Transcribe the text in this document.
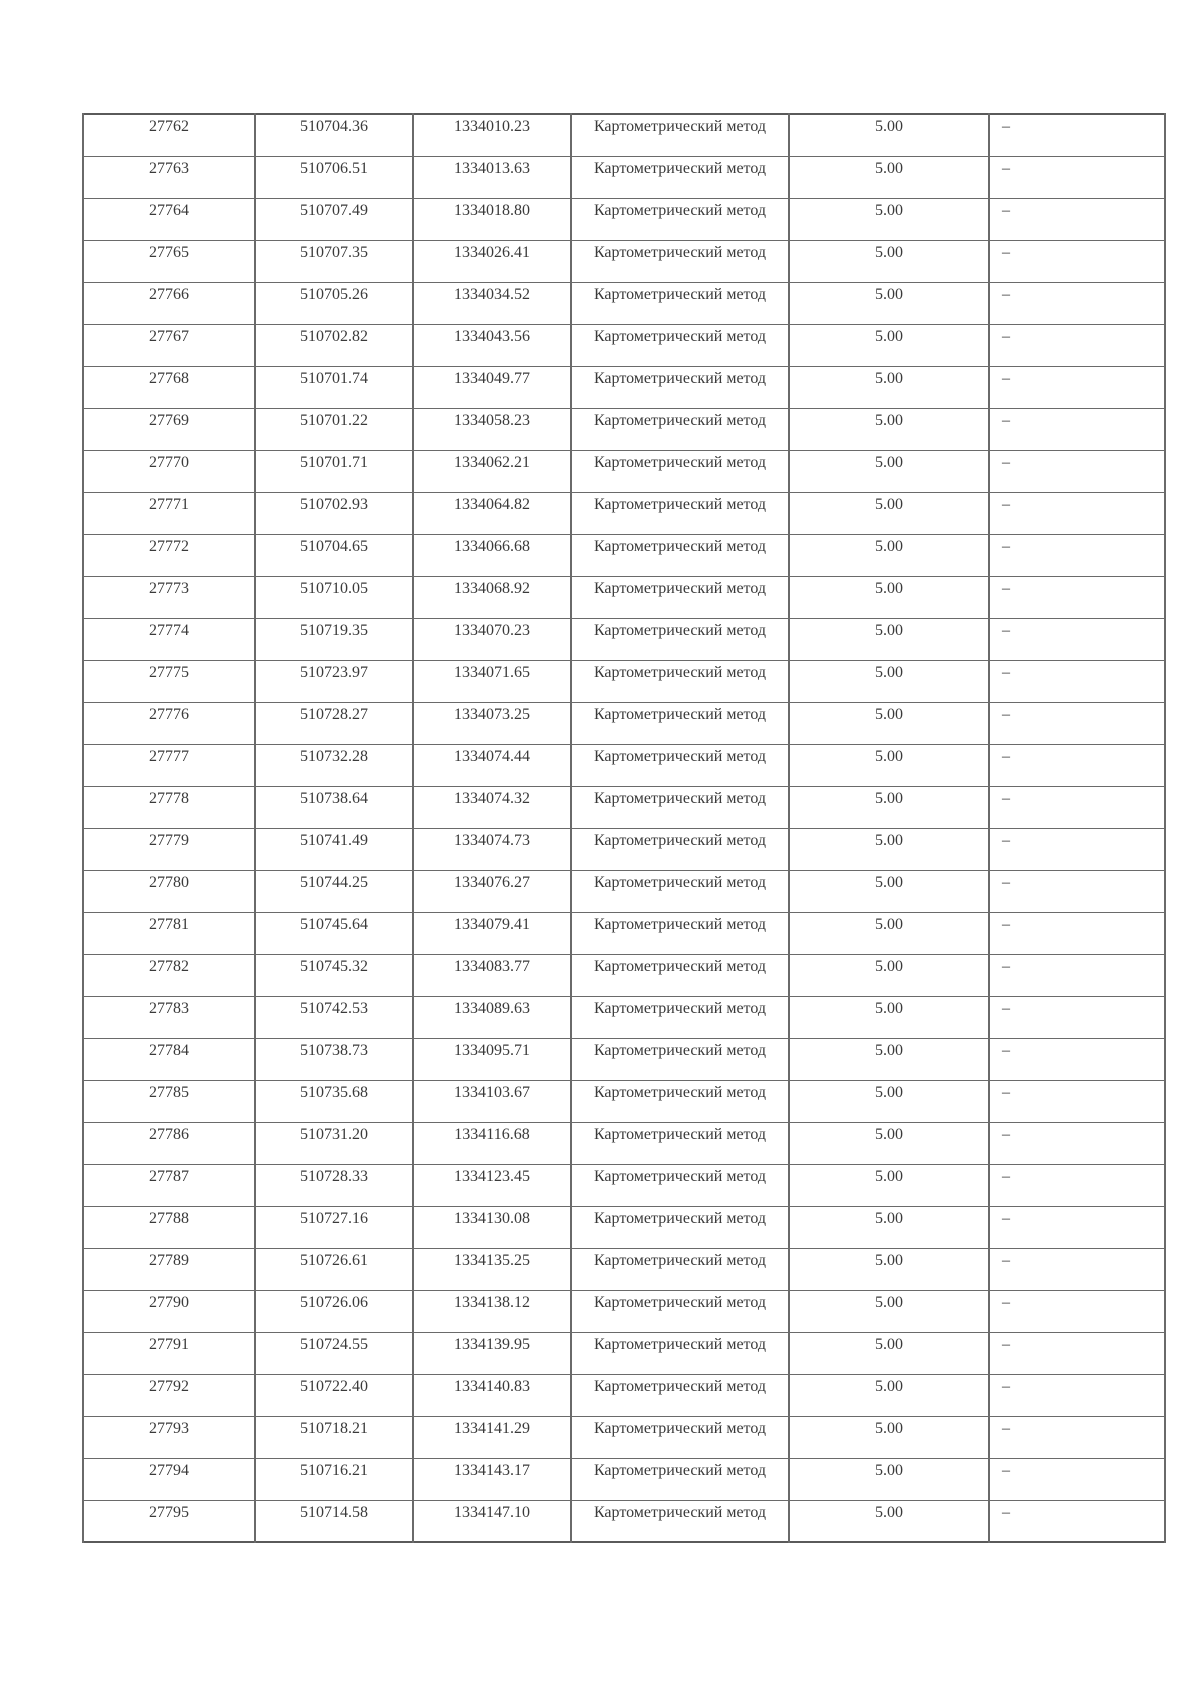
27762	510704.36	1334010.23	Картометрический метод	5.00	–
27763	510706.51	1334013.63	Картометрический метод	5.00	–
27764	510707.49	1334018.80	Картометрический метод	5.00	–
27765	510707.35	1334026.41	Картометрический метод	5.00	–
27766	510705.26	1334034.52	Картометрический метод	5.00	–
27767	510702.82	1334043.56	Картометрический метод	5.00	–
27768	510701.74	1334049.77	Картометрический метод	5.00	–
27769	510701.22	1334058.23	Картометрический метод	5.00	–
27770	510701.71	1334062.21	Картометрический метод	5.00	–
27771	510702.93	1334064.82	Картометрический метод	5.00	–
27772	510704.65	1334066.68	Картометрический метод	5.00	–
27773	510710.05	1334068.92	Картометрический метод	5.00	–
27774	510719.35	1334070.23	Картометрический метод	5.00	–
27775	510723.97	1334071.65	Картометрический метод	5.00	–
27776	510728.27	1334073.25	Картометрический метод	5.00	–
27777	510732.28	1334074.44	Картометрический метод	5.00	–
27778	510738.64	1334074.32	Картометрический метод	5.00	–
27779	510741.49	1334074.73	Картометрический метод	5.00	–
27780	510744.25	1334076.27	Картометрический метод	5.00	–
27781	510745.64	1334079.41	Картометрический метод	5.00	–
27782	510745.32	1334083.77	Картометрический метод	5.00	–
27783	510742.53	1334089.63	Картометрический метод	5.00	–
27784	510738.73	1334095.71	Картометрический метод	5.00	–
27785	510735.68	1334103.67	Картометрический метод	5.00	–
27786	510731.20	1334116.68	Картометрический метод	5.00	–
27787	510728.33	1334123.45	Картометрический метод	5.00	–
27788	510727.16	1334130.08	Картометрический метод	5.00	–
27789	510726.61	1334135.25	Картометрический метод	5.00	–
27790	510726.06	1334138.12	Картометрический метод	5.00	–
27791	510724.55	1334139.95	Картометрический метод	5.00	–
27792	510722.40	1334140.83	Картометрический метод	5.00	–
27793	510718.21	1334141.29	Картометрический метод	5.00	–
27794	510716.21	1334143.17	Картометрический метод	5.00	–
27795	510714.58	1334147.10	Картометрический метод	5.00	–
